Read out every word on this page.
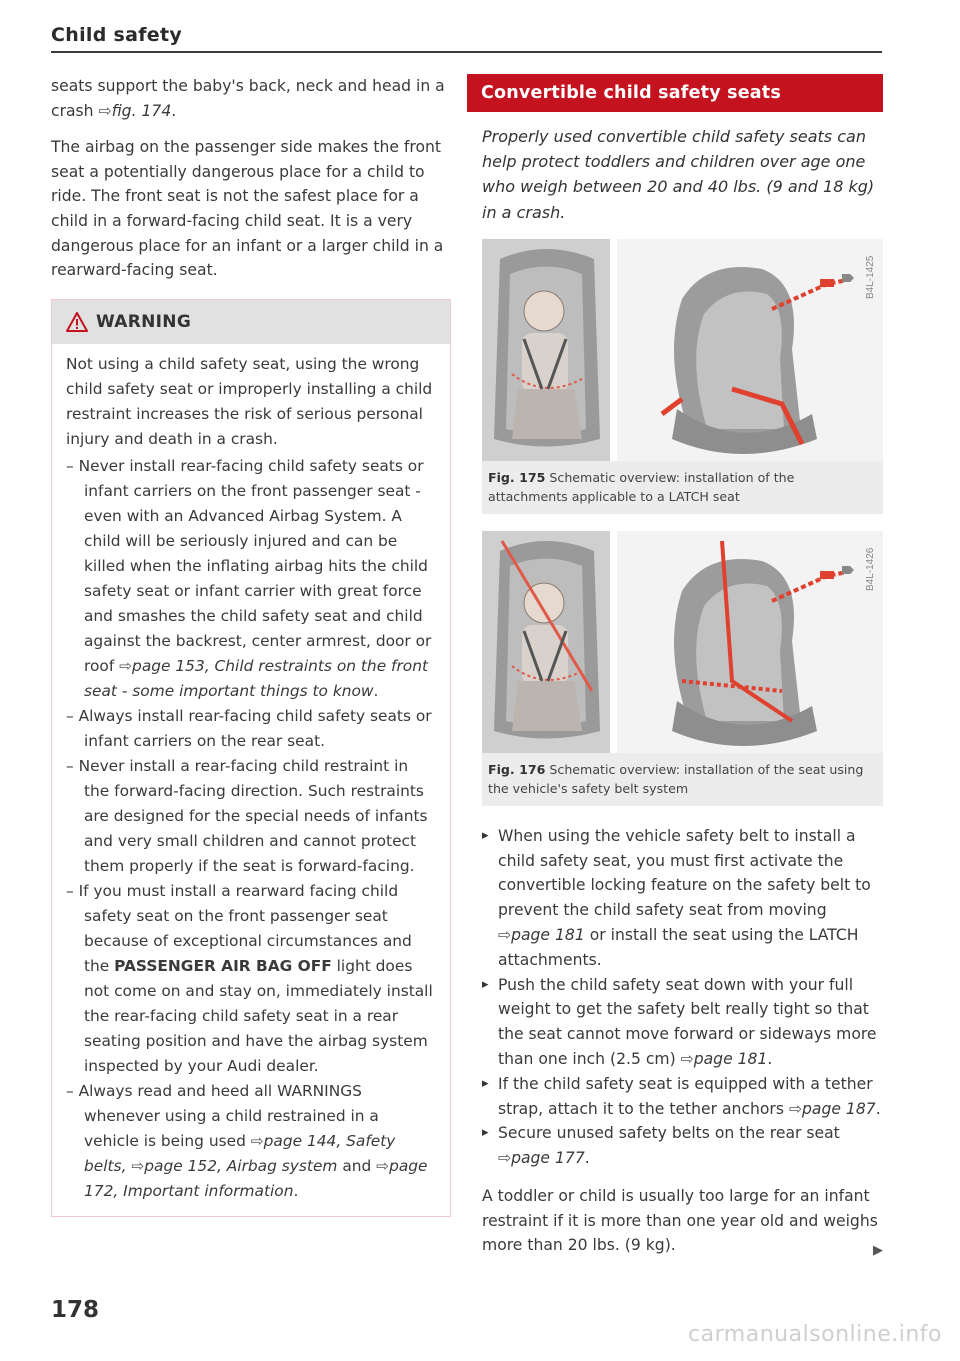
Child safety

seats support the baby's back, neck and head in a crash ⇨fig. 174.

The airbag on the passenger side makes the front seat a potentially dangerous place for a child to ride. The front seat is not the safest place for a child in a forward-facing child seat. It is a very dangerous place for an infant or a larger child in a rearward-facing seat.

WARNING

Not using a child safety seat, using the wrong child safety seat or improperly installing a child restraint increases the risk of serious personal injury and death in a crash.

– Never install rear-facing child safety seats or infant carriers on the front passenger seat - even with an Advanced Airbag System. A child will be seriously injured and can be killed when the inflating airbag hits the child safety seat or infant carrier with great force and smashes the child safety seat and child against the backrest, center armrest, door or roof ⇨page 153, Child restraints on the front seat - some important things to know.
– Always install rear-facing child safety seats or infant carriers on the rear seat.
– Never install a rear-facing child restraint in the forward-facing direction. Such restraints are designed for the special needs of infants and very small children and cannot protect them properly if the seat is forward-facing.
– If you must install a rearward facing child safety seat on the front passenger seat because of exceptional circumstances and the PASSENGER AIR BAG OFF light does not come on and stay on, immediately install the rear-facing child safety seat in a rear seating position and have the airbag system inspected by your Audi dealer.
– Always read and heed all WARNINGS whenever using a child restrained in a vehicle is being used ⇨page 144, Safety belts, ⇨page 152, Airbag system and ⇨page 172, Important information.
178
Convertible child safety seats
Properly used convertible child safety seats can help protect toddlers and children over age one who weigh between 20 and 40 lbs. (9 and 18 kg) in a crash.
B4L-1425
Fig. 175 Schematic overview: installation of the attachments applicable to a LATCH seat
B4L-1426
Fig. 176 Schematic overview: installation of the seat using the vehicle's safety belt system
▸ When using the vehicle safety belt to install a child safety seat, you must first activate the convertible locking feature on the safety belt to prevent the child safety seat from moving ⇨page 181 or install the seat using the LATCH attachments.
▸ Push the child safety seat down with your full weight to get the safety belt really tight so that the seat cannot move forward or sideways more than one inch (2.5 cm) ⇨page 181.
▸ If the child safety seat is equipped with a tether strap, attach it to the tether anchors ⇨page 187.
▸ Secure unused safety belts on the rear seat ⇨page 177.

A toddler or child is usually too large for an infant restraint if it is more than one year old and weighs more than 20 lbs. (9 kg).	▶
carmanualsonline.info
